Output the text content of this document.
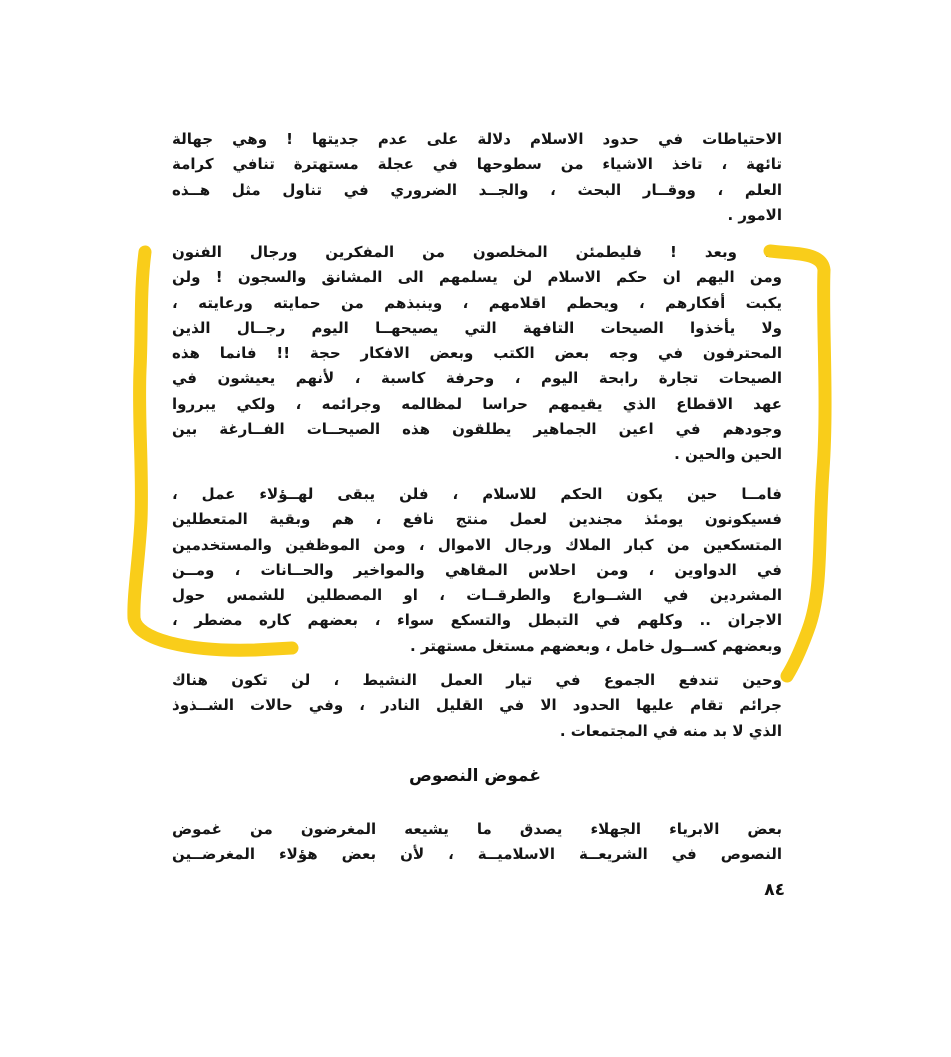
الاحتياطات في حدود الاسلام دلالة على عدم جديتها ! وهي جهالة
تائهة ، تاخذ الاشياء من سطوحها في عجلة مستهترة تنافي كرامة
العلم ، ووقــار البحث ، والجــد الضروري في تناول مثل هــذه
الامور .
... وبعد ! فليطمئن المخلصون من المفكرين ورجال الفنون
ومن اليهم ان حكم الاسلام لن يسلمهم الى المشانق والسجون ! ولن
يكبت أفكارهم ، ويحطم اقلامهم ، وينبذهم من حمايته ورعايته ،
ولا يأخذوا الصيحات التافهة التي يصيحهــا اليوم رجــال الذين
المحترفون في وجه بعض الكتب وبعض الافكار حجة !! فانما هذه
الصيحات تجارة رابحة اليوم ، وحرفة كاسبة ، لأنهم يعيشون في
عهد الاقطاع الذي يقيمهم حراسا لمظالمه وجرائمه ، ولكي يبرروا
وجودهم في اعين الجماهير يطلقون هذه الصيحــات الفــارغة بين
الحين والحين .
فامــا حين يكون الحكم للاسلام ، فلن يبقى لهــؤلاء عمل ،
فسيكونون يومئذ مجندين لعمل منتج نافع ، هم وبقية المتعطلين
المتسكعين من كبار الملاك ورجال الاموال ، ومن الموظفين والمستخدمين
في الدواوين ، ومن احلاس المقاهي والمواخير والحــانات ، ومــن
المشردين في الشــوارع والطرقــات ، او المصطلين للشمس حول
الاجران .. وكلهم في التبطل والتسكع سواء ، بعضهم كاره مضطر ،
وبعضهم كســول خامل ، وبعضهم مستغل مستهتر .
وحين تندفع الجموع في تيار العمل النشيط ، لن تكون هناك
جرائم تقام عليها الحدود الا في القليل النادر ، وفي حالات الشــذوذ
الذي لا بد منه في المجتمعات .
غموض النصوص
بعض الابرياء الجهلاء يصدق ما يشيعه المغرضون من غموض
النصوص في الشريعــة الاسلاميــة ، لأن بعض هؤلاء المغرضــين
٨٤
